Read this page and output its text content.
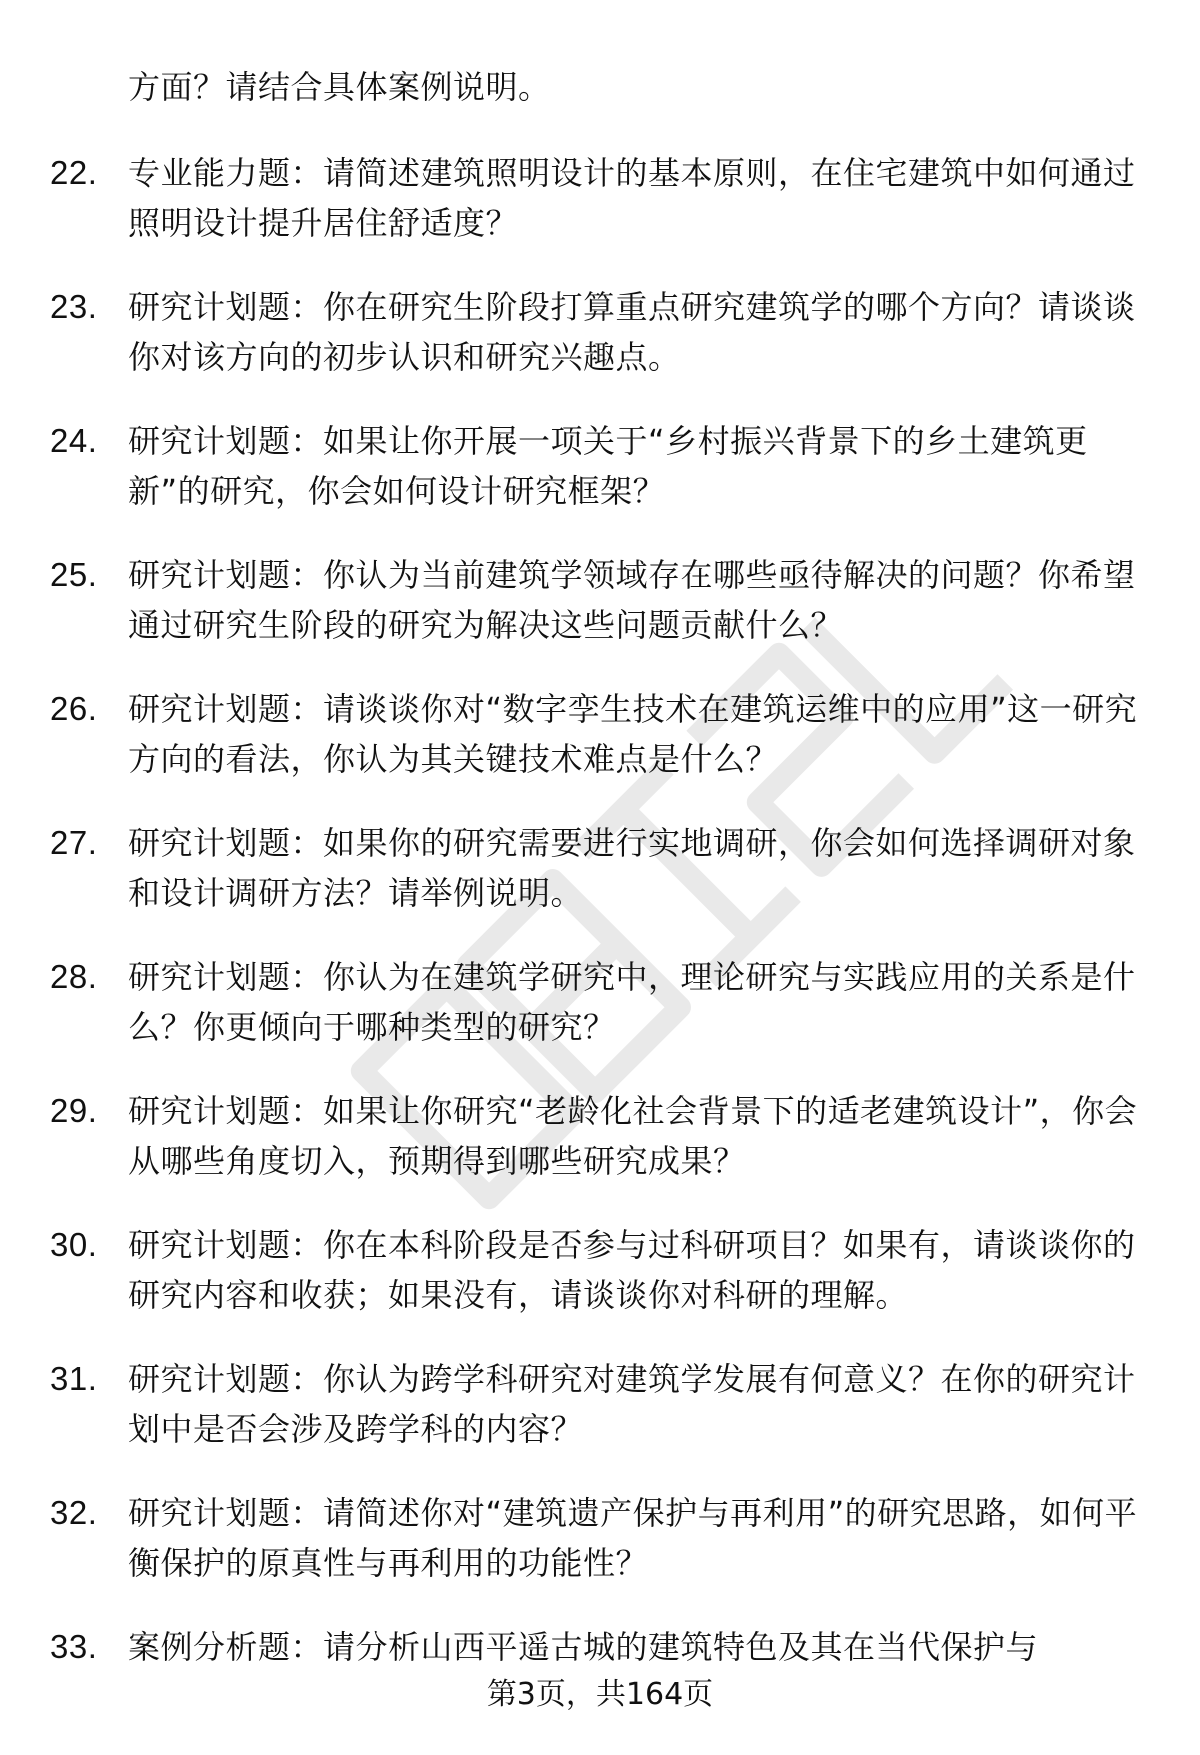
方面？请结合具体案例说明。
22. 专业能力题：请简述建筑照明设计的基本原则，在住宅建筑中如何通过照明设计提升居住舒适度？
23. 研究计划题：你在研究生阶段打算重点研究建筑学的哪个方向？请谈谈你对该方向的初步认识和研究兴趣点。
24. 研究计划题：如果让你开展一项关于“乡村振兴背景下的乡土建筑更新”的研究，你会如何设计研究框架？
25. 研究计划题：你认为当前建筑学领域存在哪些亟待解决的问题？你希望通过研究生阶段的研究为解决这些问题贡献什么？
26. 研究计划题：请谈谈你对“数字孪生技术在建筑运维中的应用”这一研究方向的看法，你认为其关键技术难点是什么？
27. 研究计划题：如果你的研究需要进行实地调研，你会如何选择调研对象和设计调研方法？请举例说明。
28. 研究计划题：你认为在建筑学研究中，理论研究与实践应用的关系是什么？你更倾向于哪种类型的研究？
29. 研究计划题：如果让你研究“老龄化社会背景下的适老建筑设计”，你会从哪些角度切入，预期得到哪些研究成果？
30. 研究计划题：你在本科阶段是否参与过科研项目？如果有，请谈谈你的研究内容和收获；如果没有，请谈谈你对科研的理解。
31. 研究计划题：你认为跨学科研究对建筑学发展有何意义？在你的研究计划中是否会涉及跨学科的内容？
32. 研究计划题：请简述你对“建筑遗产保护与再利用”的研究思路，如何平衡保护的原真性与再利用的功能性？
33. 案例分析题：请分析山西平遥古城的建筑特色及其在当代保护与
第3页，共164页
